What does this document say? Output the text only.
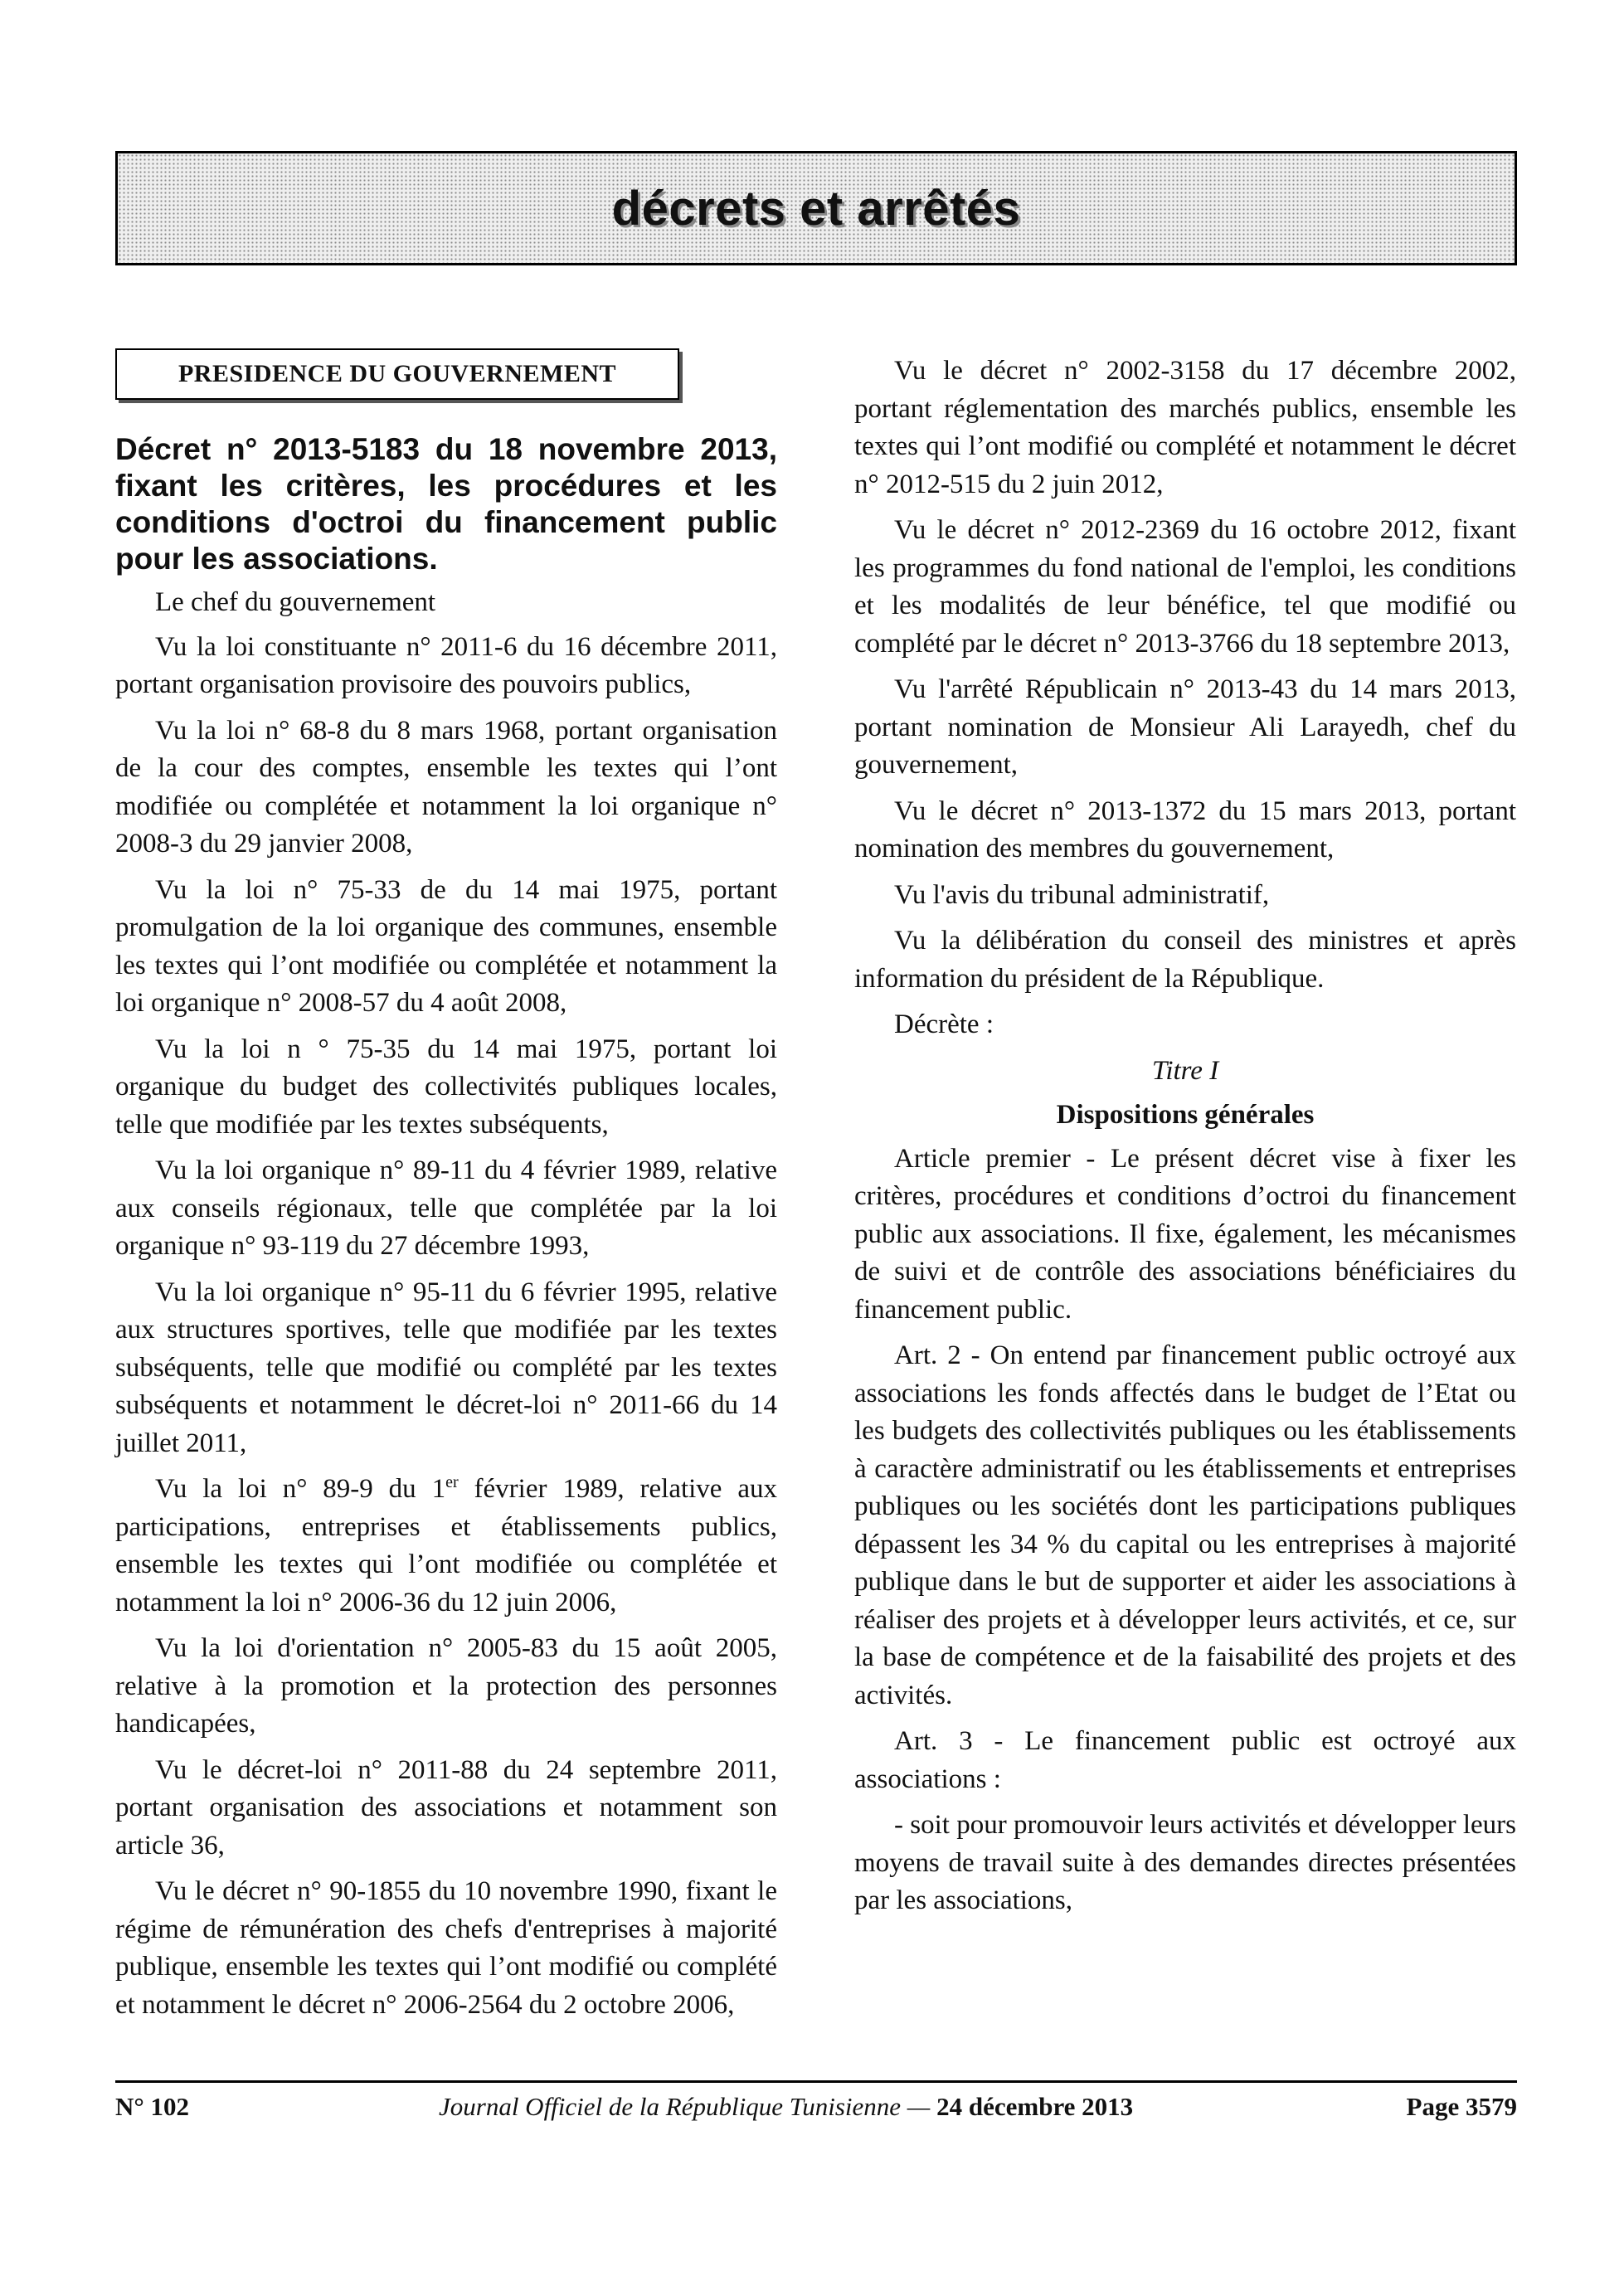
décrets et arrêtés
PRESIDENCE DU GOUVERNEMENT

Décret n° 2013-5183 du 18 novembre 2013, fixant les critères, les procédures et les conditions d'octroi du financement public pour les associations.

Le chef du gouvernement

Vu la loi constituante n° 2011-6 du 16 décembre 2011, portant organisation provisoire des pouvoirs publics,

Vu la loi n° 68-8 du 8 mars 1968, portant organisation de la cour des comptes, ensemble les textes qui l’ont modifiée ou complétée et notamment la loi organique n° 2008-3 du 29 janvier 2008,

Vu la loi n° 75-33 de du 14 mai 1975, portant promulgation de la loi organique des communes, ensemble les textes qui l’ont modifiée ou complétée et notamment la loi organique n° 2008-57 du 4 août 2008,

Vu la loi n ° 75-35 du 14 mai 1975, portant loi organique du budget des collectivités publiques locales, telle que modifiée par les textes subséquents,

Vu la loi organique n° 89-11 du 4 février 1989, relative aux conseils régionaux, telle que complétée par la loi organique n° 93-119 du 27 décembre 1993,

Vu la loi organique n° 95-11 du 6 février 1995, relative aux structures sportives, telle que modifiée par les textes subséquents, telle que modifié ou complété par les textes subséquents et notamment le décret-loi n° 2011-66 du 14 juillet 2011,

Vu la loi n° 89-9 du 1er février 1989, relative aux participations, entreprises et établissements publics, ensemble les textes qui l’ont modifiée ou complétée et notamment la loi n° 2006-36 du 12 juin 2006,

Vu la loi d'orientation n° 2005-83 du 15 août 2005, relative à la promotion et la protection des personnes handicapées,

Vu le décret-loi n° 2011-88 du 24 septembre 2011, portant organisation des associations et notamment son article 36,

Vu le décret n° 90-1855 du 10 novembre 1990, fixant le régime de rémunération des chefs d'entreprises à majorité publique, ensemble les textes qui l’ont modifié ou complété et notamment le décret n° 2006-2564 du 2 octobre 2006,

Vu le décret n° 2002-3158 du 17 décembre 2002, portant réglementation des marchés publics, ensemble les textes qui l’ont modifié ou complété et notamment le décret n° 2012-515 du 2 juin 2012,

Vu le décret n° 2012-2369 du 16 octobre 2012, fixant les programmes du fond national de l'emploi, les conditions et les modalités de leur bénéfice, tel que modifié ou complété par le décret n° 2013-3766 du 18 septembre 2013,

Vu l'arrêté Républicain n° 2013-43 du 14 mars 2013, portant nomination de Monsieur Ali Larayedh, chef du gouvernement,

Vu le décret n° 2013-1372 du 15 mars 2013, portant nomination des membres du gouvernement,

Vu l'avis du tribunal administratif,

Vu la délibération du conseil des ministres et après information du président de la République.

Décrète :

Titre I

Dispositions générales

Article premier - Le présent décret vise à fixer les critères, procédures et conditions d’octroi du financement public aux associations. Il fixe, également, les mécanismes de suivi et de contrôle des associations bénéficiaires du financement public.

Art. 2 - On entend par financement public octroyé aux associations les fonds affectés dans le budget de l’Etat ou les budgets des collectivités publiques ou les établissements à caractère administratif ou les établissements et entreprises publiques ou les sociétés dont les participations publiques dépassent les 34 % du capital ou les entreprises à majorité publique dans le but de supporter et aider les associations à réaliser des projets et à développer leurs activités, et ce, sur la base de compétence et de la faisabilité des projets et des activités.

Art. 3 - Le financement public est octroyé aux associations :

- soit pour promouvoir leurs activités et développer leurs moyens de travail suite à des demandes directes présentées par les associations,

N° 102	Journal Officiel de la République Tunisienne — 24 décembre 2013	Page 3579
